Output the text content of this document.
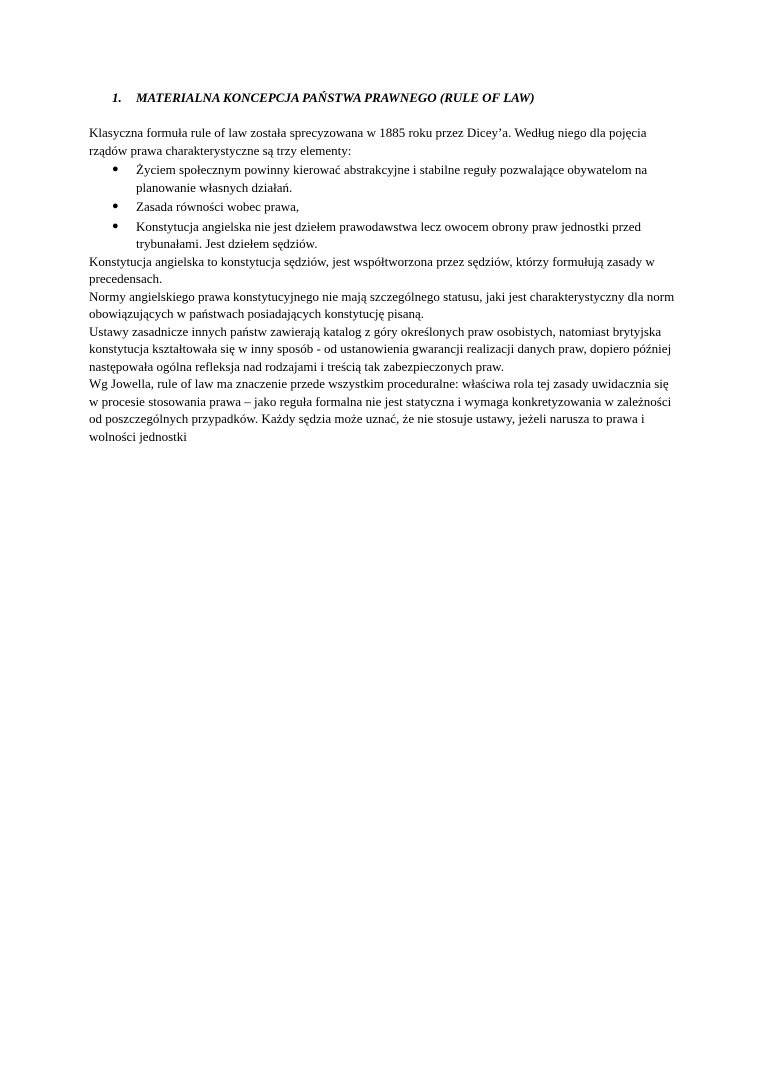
1. MATERIALNA KONCEPCJA PAŃSTWA PRAWNEGO (RULE OF LAW)
Klasyczna formuła rule of law została sprecyzowana w 1885 roku przez Dicey’a. Według niego dla pojęcia
rządów prawa charakterystyczne są trzy elementy:
● Życiem społecznym powinny kierować abstrakcyjne i stabilne reguły pozwalające obywatelom na
planowanie własnych działań.
● Zasada równości wobec prawa,
● Konstytucja angielska nie jest dziełem prawodawstwa lecz owocem obrony praw jednostki przed
trybunałami. Jest dziełem sędziów.
Konstytucja angielska to konstytucja sędziów, jest współtworzona przez sędziów, którzy formułują zasady w
precedensach.
Normy angielskiego prawa konstytucyjnego nie mają szczególnego statusu, jaki jest charakterystyczny dla norm
obowiązujących w państwach posiadających konstytucję pisaną.
Ustawy zasadnicze innych państw zawierają katalog z góry określonych praw osobistych, natomiast brytyjska
konstytucja kształtowała się w inny sposób - od ustanowienia gwarancji realizacji danych praw, dopiero później
następowała ogólna refleksja nad rodzajami i treścią tak zabezpieczonych praw.
Wg Jowella, rule of law ma znaczenie przede wszystkim proceduralne: właściwa rola tej zasady uwidacznia się
w procesie stosowania prawa – jako reguła formalna nie jest statyczna i wymaga konkretyzowania w zależności
od poszczególnych przypadków. Każdy sędzia może uznać, że nie stosuje ustawy, jeżeli narusza to prawa i
wolności jednostki
